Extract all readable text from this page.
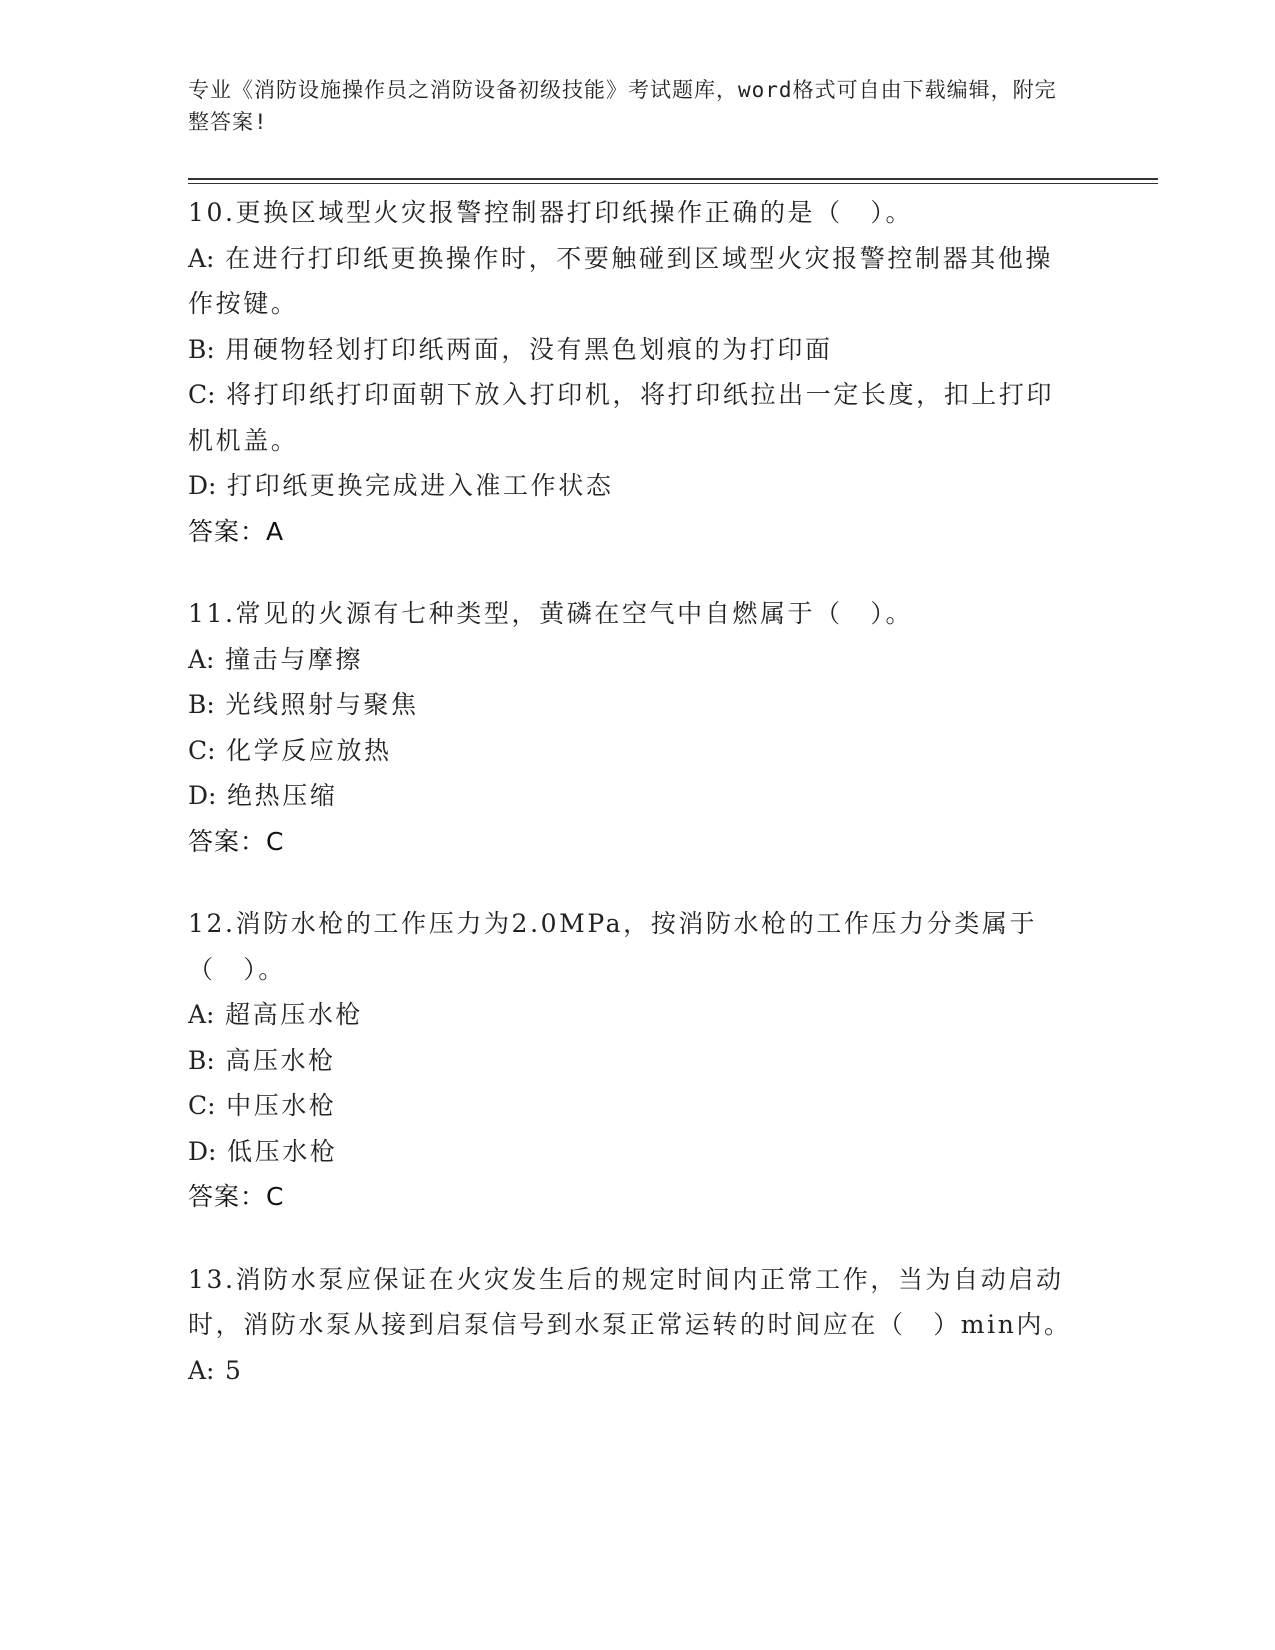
专业《消防设施操作员之消防设备初级技能》考试题库，word格式可自由下载编辑，附完整答案!
10.更换区域型火灾报警控制器打印纸操作正确的是（　）。
A: 在进行打印纸更换操作时，不要触碰到区域型火灾报警控制器其他操作按键。
B: 用硬物轻划打印纸两面，没有黑色划痕的为打印面
C: 将打印纸打印面朝下放入打印机，将打印纸拉出一定长度，扣上打印机机盖。
D: 打印纸更换完成进入准工作状态
答案：A
11.常见的火源有七种类型，黄磷在空气中自燃属于（　）。
A: 撞击与摩擦
B: 光线照射与聚焦
C: 化学反应放热
D: 绝热压缩
答案：C
12.消防水枪的工作压力为2.0MPa，按消防水枪的工作压力分类属于（　）。
A: 超高压水枪
B: 高压水枪
C: 中压水枪
D: 低压水枪
答案：C
13.消防水泵应保证在火灾发生后的规定时间内正常工作，当为自动启动时，消防水泵从接到启泵信号到水泵正常运转的时间应在（　）min内。
A: 5
